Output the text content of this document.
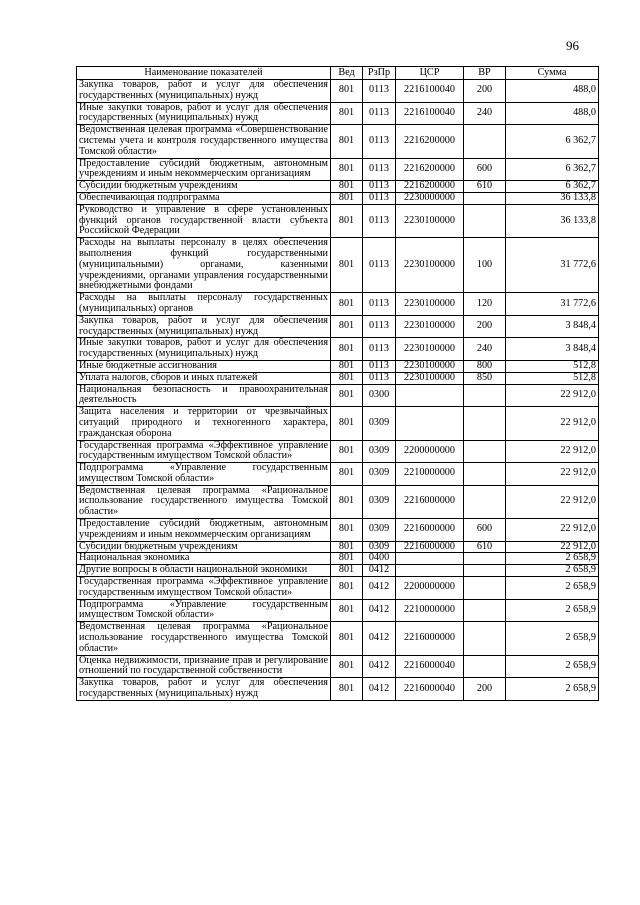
96
Наименование показателей	Вед	РзПр	ЦСР	ВР	Сумма
Закупка товаров, работ и услуг для обеспечения государственных (муниципальных) нужд	801	0113	2216100040	200	488,0
Иные закупки товаров, работ и услуг для обеспечения государственных (муниципальных) нужд	801	0113	2216100040	240	488,0
Ведомственная целевая программа «Совершенствование системы учета и контроля государственного имущества Томской области»	801	0113	2216200000		6 362,7
Предоставление субсидий бюджетным, автономным учреждениям и иным некоммерческим организациям	801	0113	2216200000	600	6 362,7
Субсидии бюджетным учреждениям	801	0113	2216200000	610	6 362,7
Обеспечивающая подпрограмма	801	0113	2230000000		36 133,8
Руководство и управление в сфере установленных функций органов государственной власти субъекта Российской Федерации	801	0113	2230100000		36 133,8
Расходы на выплаты персоналу в целях обеспечения выполнения функций государственными (муниципальными) органами, казенными учреждениями, органами управления государственными внебюджетными фондами	801	0113	2230100000	100	31 772,6
Расходы на выплаты персоналу государственных (муниципальных) органов	801	0113	2230100000	120	31 772,6
Закупка товаров, работ и услуг для обеспечения государственных (муниципальных) нужд	801	0113	2230100000	200	3 848,4
Иные закупки товаров, работ и услуг для обеспечения государственных (муниципальных) нужд	801	0113	2230100000	240	3 848,4
Иные бюджетные ассигнования	801	0113	2230100000	800	512,8
Уплата налогов, сборов и иных платежей	801	0113	2230100000	850	512,8
Национальная безопасность и правоохранительная деятельность	801	0300			22 912,0
Защита населения и территории от чрезвычайных ситуаций природного и техногенного характера, гражданская оборона	801	0309			22 912,0
Государственная программа «Эффективное управление государственным имуществом Томской области»	801	0309	2200000000		22 912,0
Подпрограмма «Управление государственным имуществом Томской области»	801	0309	2210000000		22 912,0
Ведомственная целевая программа «Рациональное использование государственного имущества Томской области»	801	0309	2216000000		22 912,0
Предоставление субсидий бюджетным, автономным учреждениям и иным некоммерческим организациям	801	0309	2216000000	600	22 912,0
Субсидии бюджетным учреждениям	801	0309	2216000000	610	22 912,0
Национальная экономика	801	0400			2 658,9
Другие вопросы в области национальной экономики	801	0412			2 658,9
Государственная программа «Эффективное управление государственным имуществом Томской области»	801	0412	2200000000		2 658,9
Подпрограмма «Управление государственным имуществом Томской области»	801	0412	2210000000		2 658,9
Ведомственная целевая программа «Рациональное использование государственного имущества Томской области»	801	0412	2216000000		2 658,9
Оценка недвижимости, признание прав и регулирование отношений по государственной собственности	801	0412	2216000040		2 658,9
Закупка товаров, работ и услуг для обеспечения государственных (муниципальных) нужд	801	0412	2216000040	200	2 658,9
